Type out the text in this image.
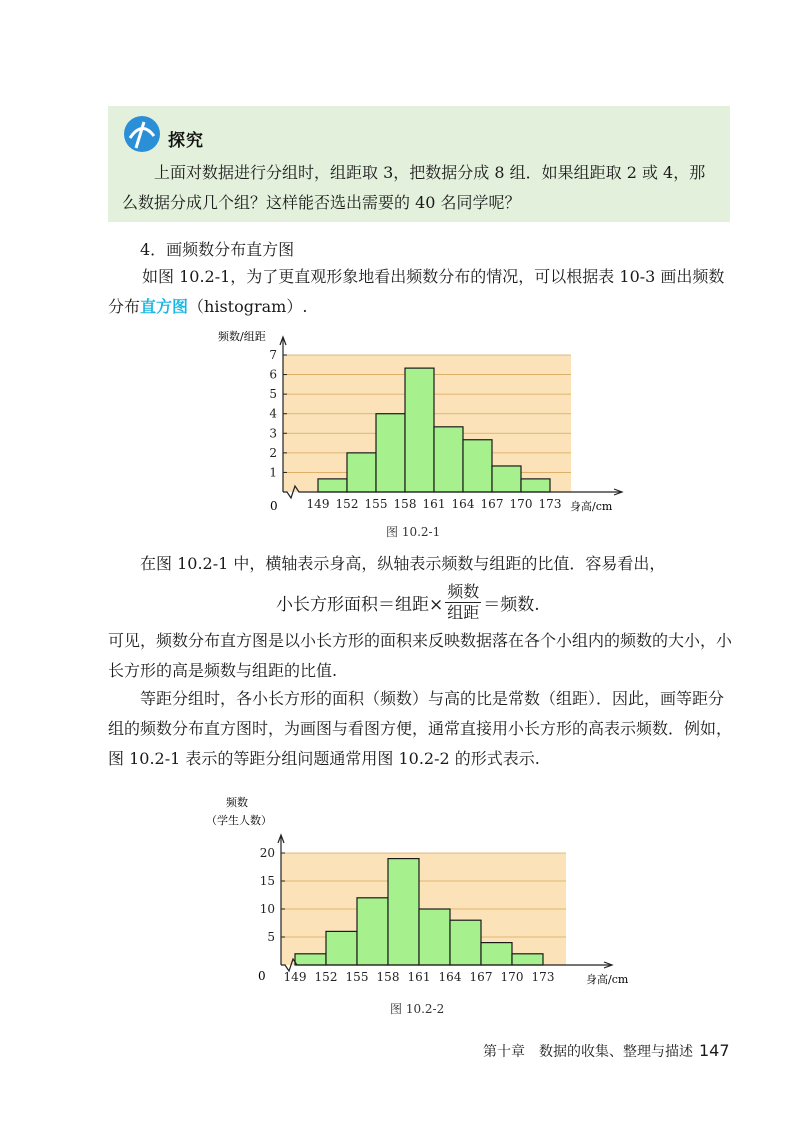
探究
上面对数据进行分组时，组距取 3，把数据分成 8 组．如果组距取 2 或 4，那么数据分成几个组？这样能否选出需要的 40 名同学呢？
4．画频数分布直方图
如图 10.2-1，为了更直观形象地看出频数分布的情况，可以根据表 10-3 画出频数分布直方图（histogram）.
频数/组距
身高/cm
0
1
2
3
4
5
6
7
149 152 155 158 161 164 167 170 173
图 10.2-1
在图 10.2-1 中，横轴表示身高，纵轴表示频数与组距的比值．容易看出，
小长方形面积＝组距× $\frac{\text{频数}}{\text{组距}}$ ＝频数.
可见，频数分布直方图是以小长方形的面积来反映数据落在各个小组内的频数的大小，小长方形的高是频数与组距的比值.
等距分组时，各小长方形的面积（频数）与高的比是常数（组距）．因此，画等距分组的频数分布直方图时，为画图与看图方便，通常直接用小长方形的高表示频数．例如，图 10.2-1 表示的等距分组问题通常用图 10.2-2 的形式表示.
频数
（学生人数）
身高/cm
0
5
10
15
20
149 152 155 158 161 164 167 170 173
图 10.2-2
第十章　数据的收集、整理与描述 147
